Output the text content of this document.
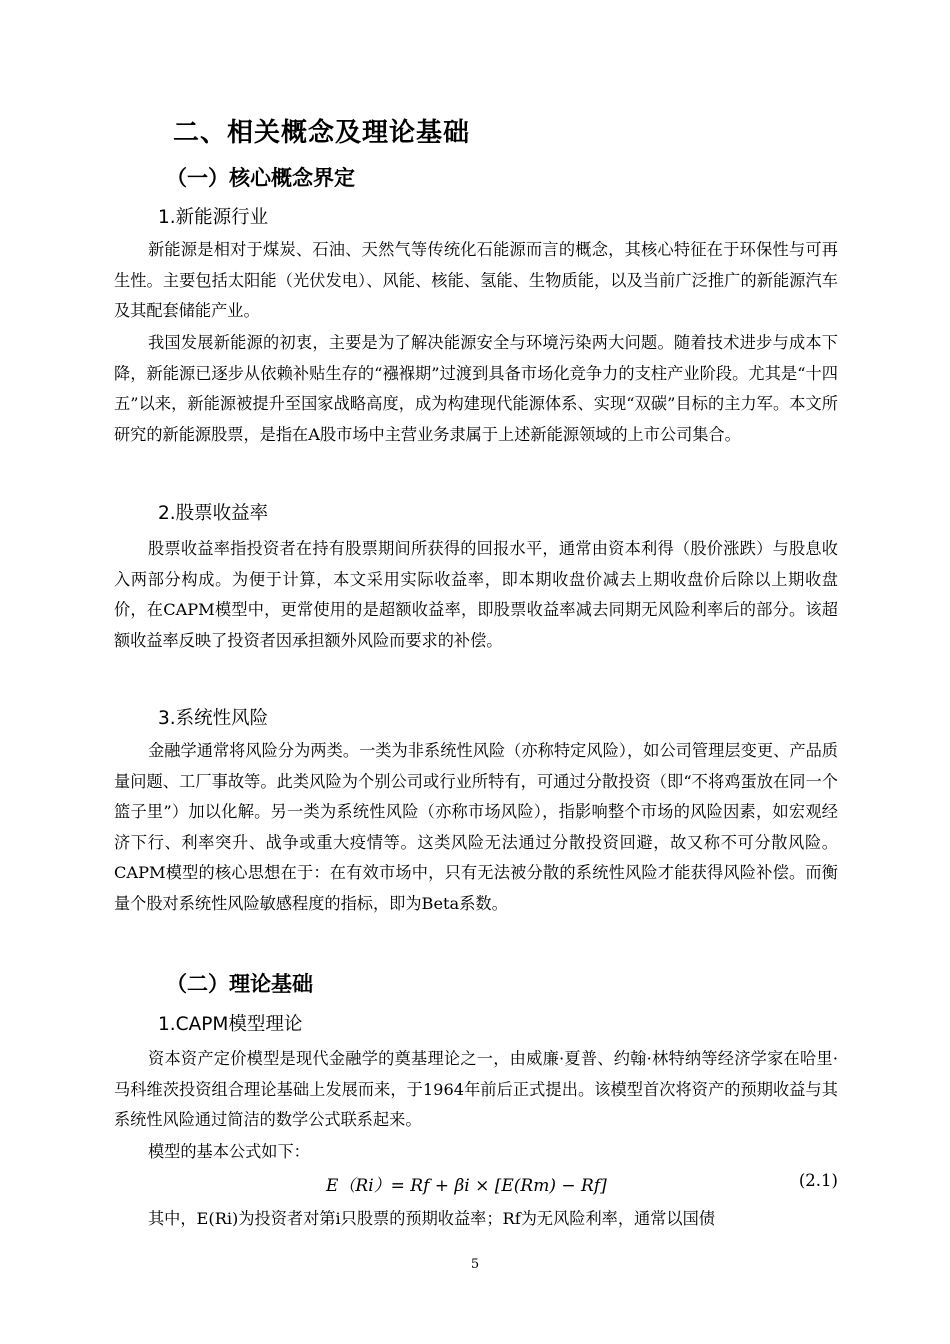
二、相关概念及理论基础
（一）核心概念界定
1.新能源行业
新能源是相对于煤炭、石油、天然气等传统化石能源而言的概念，其核心特征在于环保性与可再生性。主要包括太阳能（光伏发电）、风能、核能、氢能、生物质能，以及当前广泛推广的新能源汽车及其配套储能产业。
我国发展新能源的初衷，主要是为了解决能源安全与环境污染两大问题。随着技术进步与成本下降，新能源已逐步从依赖补贴生存的“襁褓期”过渡到具备市场化竞争力的支柱产业阶段。尤其是“十四五”以来，新能源被提升至国家战略高度，成为构建现代能源体系、实现“双碳”目标的主力军。本文所研究的新能源股票，是指在A股市场中主营业务隶属于上述新能源领域的上市公司集合。
2.股票收益率
股票收益率指投资者在持有股票期间所获得的回报水平，通常由资本利得（股价涨跌）与股息收入两部分构成。为便于计算，本文采用实际收益率，即本期收盘价减去上期收盘价后除以上期收盘价，在CAPM模型中，更常使用的是超额收益率，即股票收益率减去同期无风险利率后的部分。该超额收益率反映了投资者因承担额外风险而要求的补偿。
3.系统性风险
金融学通常将风险分为两类。一类为非系统性风险（亦称特定风险），如公司管理层变更、产品质量问题、工厂事故等。此类风险为个别公司或行业所特有，可通过分散投资（即“不将鸡蛋放在同一个篮子里”）加以化解。另一类为系统性风险（亦称市场风险），指影响整个市场的风险因素，如宏观经济下行、利率突升、战争或重大疫情等。这类风险无法通过分散投资回避，故又称不可分散风险。CAPM模型的核心思想在于：在有效市场中，只有无法被分散的系统性风险才能获得风险补偿。而衡量个股对系统性风险敏感程度的指标，即为Beta系数。
（二）理论基础
1.CAPM模型理论
资本资产定价模型是现代金融学的奠基理论之一，由威廉·夏普、约翰·林特纳等经济学家在哈里·马科维茨投资组合理论基础上发展而来，于1964年前后正式提出。该模型首次将资产的预期收益与其系统性风险通过简洁的数学公式联系起来。
模型的基本公式如下：
E（Ri）= Rf + βi × [E(Rm) − Rf]	(2.1)
其中，E(Ri)为投资者对第i只股票的预期收益率；Rf为无风险利率，通常以国债
5
